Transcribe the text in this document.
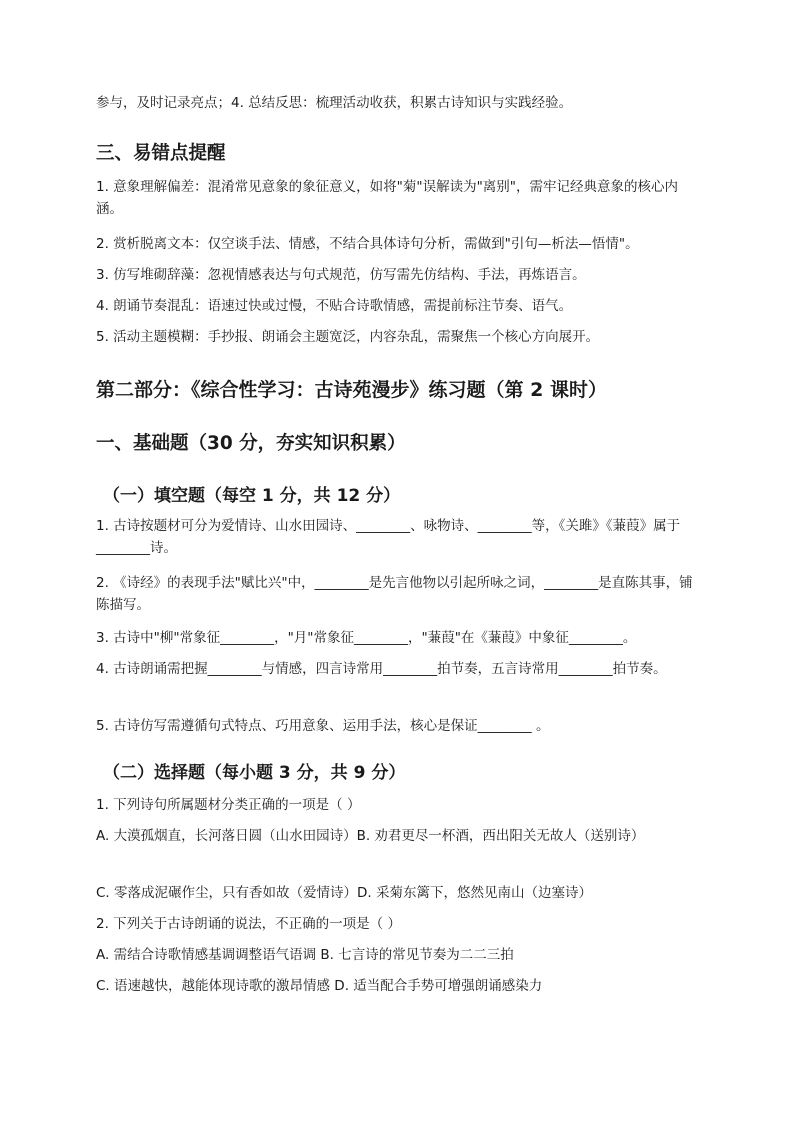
参与，及时记录亮点；4. 总结反思：梳理活动收获，积累古诗知识与实践经验。

三、易错点提醒

1. 意象理解偏差：混淆常见意象的象征意义，如将"菊"误解读为"离别"，需牢记经典意象的核心内涵。

2. 赏析脱离文本：仅空谈手法、情感，不结合具体诗句分析，需做到"引句—析法—悟情"。

3. 仿写堆砌辞藻：忽视情感表达与句式规范，仿写需先仿结构、手法，再炼语言。

4. 朗诵节奏混乱：语速过快或过慢，不贴合诗歌情感，需提前标注节奏、语气。

5. 活动主题模糊：手抄报、朗诵会主题宽泛，内容杂乱，需聚焦一个核心方向展开。

第二部分：《综合性学习：古诗苑漫步》练习题（第 2 课时）
一、基础题（30 分，夯实知识积累）
（一）填空题（每空 1 分，共 12 分）

1. 古诗按题材可分为爱情诗、山水田园诗、________、咏物诗、________等，《关雎》《蒹葭》属于________诗。

2. 《诗经》的表现手法"赋比兴"中，________是先言他物以引起所咏之词，________是直陈其事，铺陈描写。

3. 古诗中"柳"常象征________，"月"常象征________，"蒹葭"在《蒹葭》中象征________。

4. 古诗朗诵需把握________与情感，四言诗常用________拍节奏，五言诗常用________拍节奏。

5. 古诗仿写需遵循句式特点、巧用意象、运用手法，核心是保证________ 。

（二）选择题（每小题 3 分，共 9 分）

1. 下列诗句所属题材分类正确的一项是（ ）

A. 大漠孤烟直，长河落日圆（山水田园诗）B. 劝君更尽一杯酒，西出阳关无故人（送别诗）

C. 零落成泥碾作尘，只有香如故（爱情诗）D. 采菊东篱下，悠然见南山（边塞诗）

2. 下列关于古诗朗诵的说法，不正确的一项是（ ）

A. 需结合诗歌情感基调调整语气语调 B. 七言诗的常见节奏为二二三拍

C. 语速越快，越能体现诗歌的激昂情感 D. 适当配合手势可增强朗诵感染力
